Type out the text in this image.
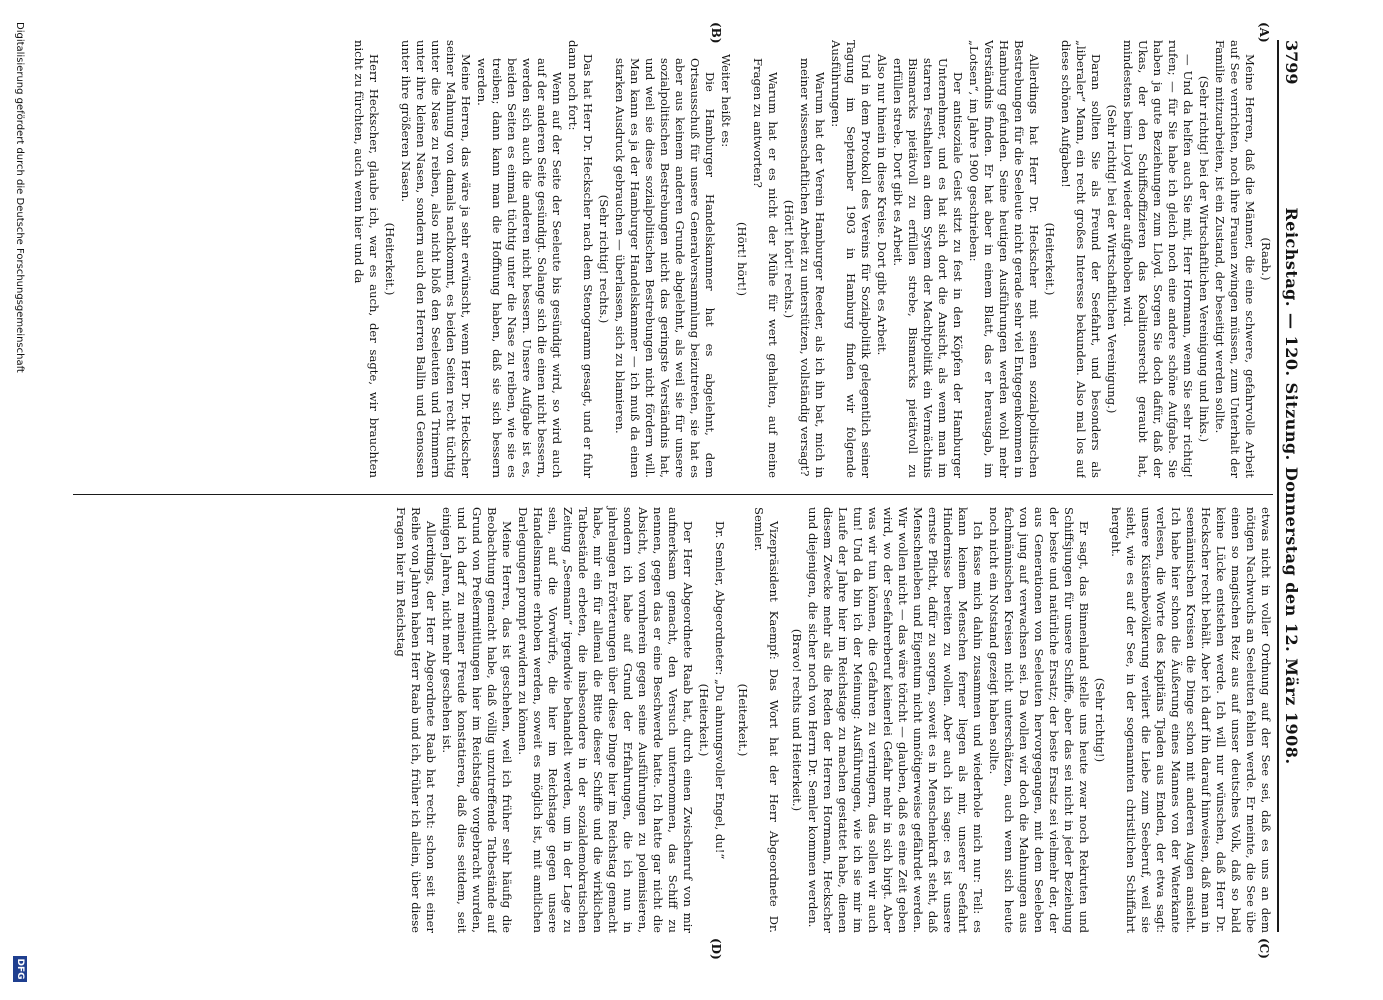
3799
Reichstag. — 120. Sitzung. Donnerstag den 12. März 1908.
(A)
(B)
(C)
(D)

(Raab.)

Meine Herren, daß die Männer, die eine schwere, gefahrvolle Arbeit auf See verrichten, noch ihre Frauen zwingen müssen, zum Unterhalt der Familie mitzuarbeiten, ist ein Zustand, der beseitigt werden sollte.

(Sehr richtig! bei der Wirtschaftlichen Vereinigung und links.)

— Und da helfen auch Sie mit, Herr Hormann, wenn Sie sehr richtig! rufen; — für Sie habe ich gleich noch eine andere schöne Aufgabe. Sie haben ja gute Beziehungen zum Lloyd. Sorgen Sie doch dafür, daß der Ukas, der den Schiffsoffizieren das Koalitionsrecht geraubt hat, mindestens beim Lloyd wieder aufgehoben wird.

(Sehr richtig! bei der Wirtschaftlichen Vereinigung.)

Daran sollten Sie als Freund der Seefahrt, und besonders als „liberaler“ Mann, ein recht großes Interesse bekunden. Also mal los auf diese schönen Aufgaben!

(Heiterkeit.)

Allerdings hat Herr Dr. Heckscher mit seinen sozialpolitischen Bestrebungen für die Seeleute nicht gerade sehr viel Entgegenkommen in Hamburg gefunden. Seine heutigen Ausführungen werden wohl mehr Verständnis finden. Er hat aber in einem Blatt, das er herausgab, im „Lotsen“, im Jahre 1900 geschrieben:

Der antisoziale Geist sitzt zu fest in den Köpfen der Hamburger Unternehmer, und es hat sich dort die Ansicht, als wenn man im starren Festhalten an dem System der Machtpolitik ein Vermächtnis Bismarcks pietätvoll zu erfüllen strebe, Bismarcks pietätvoll zu erfüllen strebe. Dort gibt es Arbeit.

Also nur hinein in diese Kreise. Dort gibt es Arbeit.

Und in dem Protokoll des Vereins für Sozialpolitik gelegentlich seiner Tagung im September 1903 in Hamburg finden wir folgende Ausführungen:

Warum hat der Verein Hamburger Reeder, als ich ihn bat, mich in meiner wissenschaftlichen Arbeit zu unterstützen, vollständig versagt?

(Hört! hört! rechts.)

Warum hat er es nicht der Mühe für wert gehalten, auf meine Fragen zu antworten?

(Hört! hört!)

Weiter heißt es:

Die Hamburger Handelskammer hat es abgelehnt, dem Ortsausschuß für unsere Generalversammlung beizutreten, sie hat es aber aus keinem anderen Grunde abgelehnt, als weil sie für unsere sozialpolitischen Bestrebungen nicht das geringste Verständnis hat, und weil sie diese sozialpolitischen Bestrebungen nicht fördern will. Man kann es ja der Hamburger Handelskammer — ich muß da einen starken Ausdruck gebrauchen — überlassen, sich zu blamieren.

(Sehr richtig! rechts.)

Das hat Herr Dr. Heckscher nach dem Stenogramm gesagt, und er fuhr dann noch fort:

Wenn auf der Seite der Seeleute bis gesündigt wird, so wird auch auf der anderen Seite gesündigt. Solange sich die einen nicht bessern, werden sich auch die anderen nicht bessern. Unsere Aufgabe ist es, beiden Seiten es einmal tüchtig unter die Nase zu reiben, wie sie es treiben; dann kann man die Hoffnung haben, daß sie sich bessern werden.

Meine Herren, das wäre ja sehr erwünscht, wenn Herr Dr. Heckscher seiner Mahnung von damals nachkommt, es beiden Seiten recht tüchtig unter die Nase zu reiben, also nicht bloß den Seeleuten und Trimmern unter ihre kleinen Nasen, sondern auch den Herren Ballin und Genossen unter ihre größeren Nasen.

(Heiterkeit.)

Herr Heckscher, glaube ich, war es auch, der sagte, wir brauchten nicht zu fürchten, auch wenn hier und da

etwas nicht in voller Ordnung auf der See sei, daß es uns an dem nötigen Nachwuchs an Seeleuten fehlen werde. Er meinte, die See übe einen so magischen Reiz aus auf unser deutsches Volk, daß so bald keine Lücke entstehen werde. Ich will nur wünschen, daß Herr Dr. Heckscher recht behält. Aber ich darf ihn darauf hinweisen, daß man in seemännischen Kreisen die Dinge schon mit anderen Augen ansieht. Ich habe hier schon die Äußerung eines Mannes von der Waterkante verlesen, die Worte des Kapitäns Tjaden aus Emden, der etwa sagt: unsere Küstenbevölkerung verliert die Liebe zum Seeberuf, weil sie sieht, wie es auf der See, in der sogenannten christlichen Schiffahrt hergeht.

(Sehr richtig!)

Er sagt, das Binnenland stelle uns heute zwar noch Rekruten und Schiffsjungen für unsere Schiffe, aber das sei nicht in jeder Beziehung der beste und natürliche Ersatz; der beste Ersatz sei vielmehr der, der aus Generationen von Seeleuten hervorgegangen, mit dem Seeleben von jung auf verwachsen sei. Da wollen wir doch die Mahnungen aus fachmännischen Kreisen nicht unterschätzen, auch wenn sich heute noch nicht ein Notstand gezeigt haben sollte.

Ich fasse mich dahin zusammen und wiederhole mich nur: Teil: es kann keinem Menschen ferner liegen als mir, unserer Seefahrt Hindernisse bereiten zu wollen. Aber auch ich sage: es ist unsere ernste Pflicht, dafür zu sorgen, soweit es in Menschenkraft steht, daß Menschenleben und Eigentum nicht unnötigerweise gefährdet werden. Wir wollen nicht — das wäre töricht — glauben, daß es eine Zeit geben wird, wo der Seefahrerberuf keinerlei Gefahr mehr in sich birgt. Aber was wir tun können, die Gefahren zu verringern, das sollen wir auch tun! Und da bin ich der Meinung: Ausführungen, wie ich sie mir im Laufe der Jahre hier im Reichstage zu machen gestattet habe, dienen diesem Zwecke mehr als die Reden der Herren Hormann, Heckscher und diejenigen, die sicher noch von Herrn Dr. Semler kommen werden.

(Bravo! rechts und Heiterkeit.)

Vizepräsident Kaempf: Das Wort hat der Herr Abgeordnete Dr. Semler.

(Heiterkeit.)

Dr. Semler, Abgeordneter: „Du ahnungsvoller Engel, du!“

(Heiterkeit.)

Der Herr Abgeordnete Raab hat, durch einen Zwischenruf von mir aufmerksam gemacht, den Versuch unternommen, das Schiff zu nennen, gegen das er eine Beschwerde hatte. Ich hatte gar nicht die Absicht, von vornherein gegen seine Ausführungen zu polemisieren, sondern ich habe auf Grund der Erfahrungen, die ich nun in jahrelangen Erörterungen über diese Dinge hier im Reichstag gemacht habe, mir ein für allemal die Bitte dieser Schiffe und die wirklichen Tatbestände erbeten, die insbesondere in der sozialdemokratischen Zeitung „Seemann“ irgendwie behandelt werden, um in der Lage zu sein, auf die Vorwürfe, die hier im Reichstage gegen unsere Handelsmarine erhoben werden, soweit es möglich ist, mit amtlichen Darlegungen prompt erwidern zu können.

Meine Herren, das ist geschehen, weil ich früher sehr häufig die Beobachtung gemacht habe, daß völlig unzutreffende Tatbestände auf Grund von Preßermittlungen hier im Reichstage vorgebracht wurden, und ich darf zu meiner Freude konstatieren, daß dies seitdem, seit einigen Jahren, nicht mehr geschehen ist.

Allerdings, der Herr Abgeordnete Raab hat recht: schon seit einer Reihe von Jahren haben Herr Raab und ich, früher ich allein, über diese Fragen hier im Reichstag

Digitalisierung gefördert durch die Deutsche Forschungsgemeinschaft
DFG
